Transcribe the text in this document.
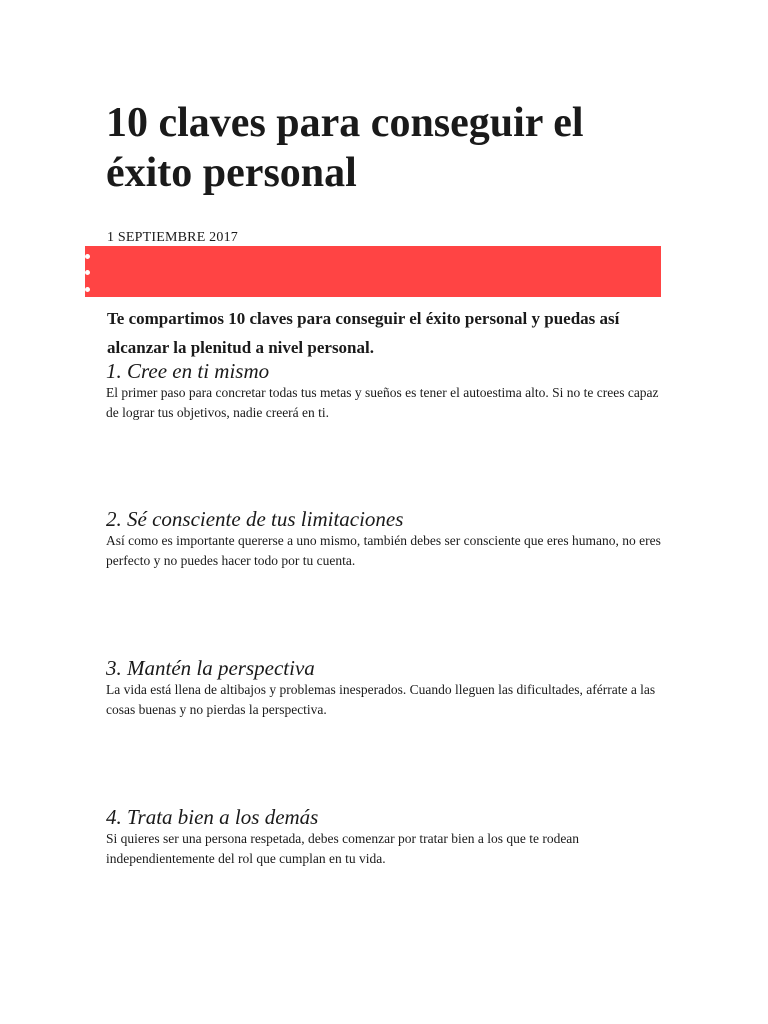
10 claves para conseguir el éxito personal
1 SEPTIEMBRE 2017

Te compartimos 10 claves para conseguir el éxito personal y puedas así alcanzar la plenitud a nivel personal.

1. Cree en ti mismo

El primer paso para concretar todas tus metas y sueños es tener el autoestima alto. Si no te crees capaz de lograr tus objetivos, nadie creerá en ti.

2. Sé consciente de tus limitaciones

Así como es importante quererse a uno mismo, también debes ser consciente que eres humano, no eres perfecto y no puedes hacer todo por tu cuenta.

3. Mantén la perspectiva

La vida está llena de altibajos y problemas inesperados. Cuando lleguen las dificultades, aférrate a las cosas buenas y no pierdas la perspectiva.

4. Trata bien a los demás

Si quieres ser una persona respetada, debes comenzar por tratar bien a los que te rodean independientemente del rol que cumplan en tu vida.
